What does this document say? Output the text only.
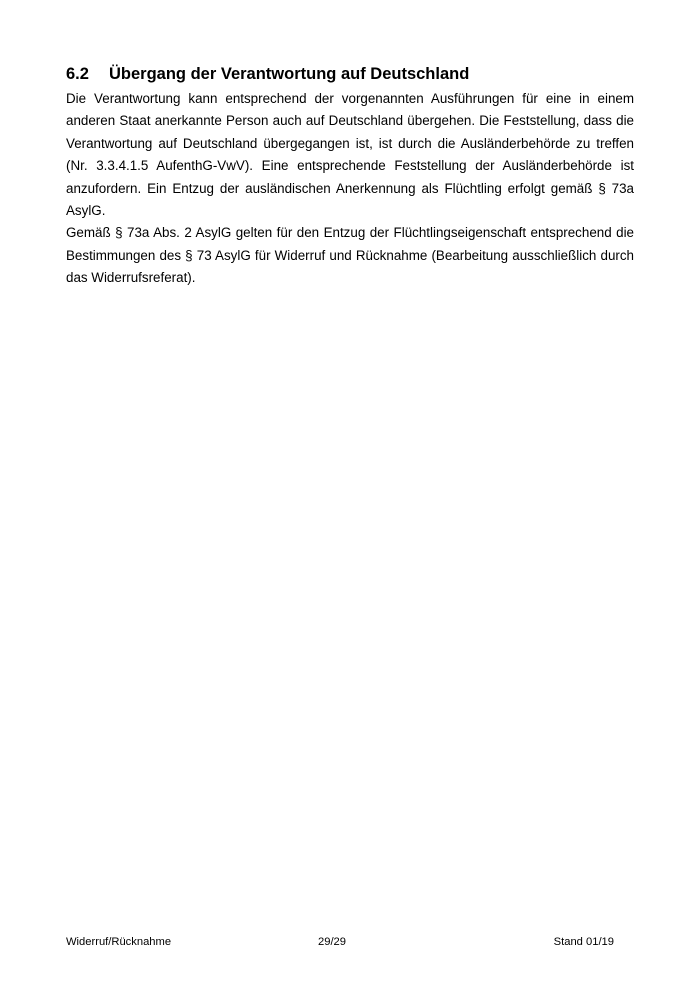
6.2 Übergang der Verantwortung auf Deutschland

Die Verantwortung kann entsprechend der vorgenannten Ausführungen für eine in einem anderen Staat anerkannte Person auch auf Deutschland übergehen. Die Feststellung, dass die Verantwortung auf Deutschland übergegangen ist, ist durch die Ausländerbehörde zu treffen (Nr. 3.3.4.1.5 AufenthG-VwV). Eine entsprechende Feststellung der Ausländerbehörde ist anzufordern. Ein Entzug der ausländischen Anerkennung als Flüchtling erfolgt gemäß § 73a AsylG.

Gemäß § 73a Abs. 2 AsylG gelten für den Entzug der Flüchtlingseigenschaft entsprechend die Bestimmungen des § 73 AsylG für Widerruf und Rücknahme (Bearbeitung ausschließlich durch das Widerrufsreferat).

Widerruf/Rücknahme	29/29	Stand 01/19
